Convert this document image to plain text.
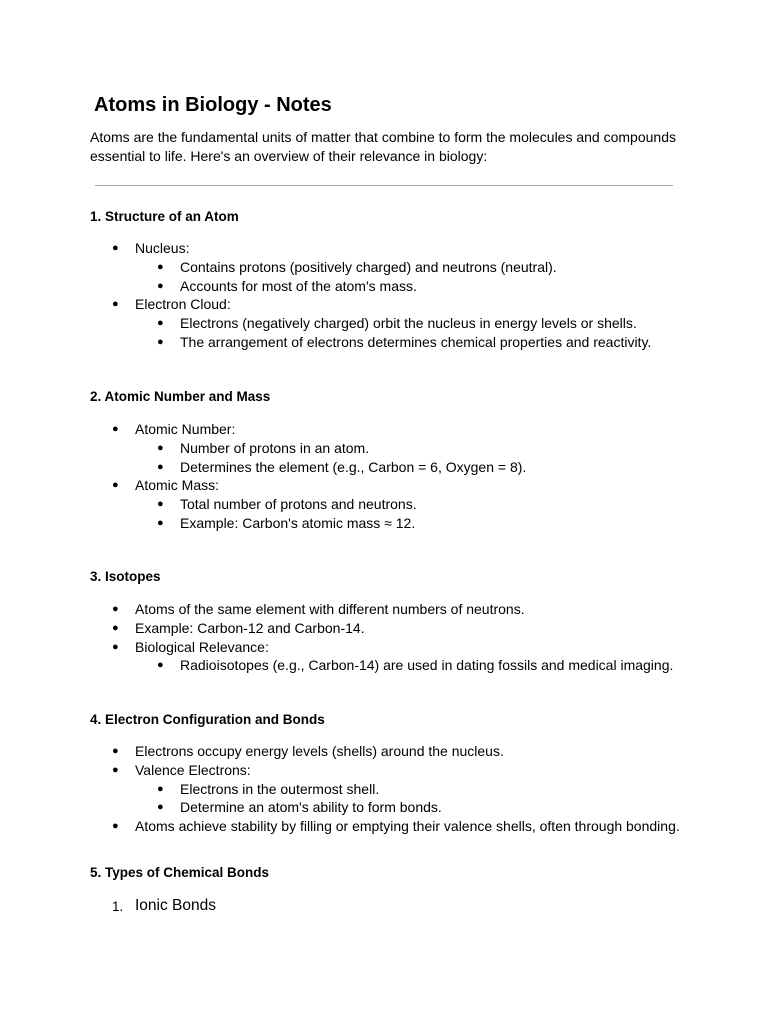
Atoms in Biology - Notes

Atoms are the fundamental units of matter that combine to form the molecules and compounds essential to life. Here's an overview of their relevance in biology:

1. Structure of an Atom
● Nucleus:
● Contains protons (positively charged) and neutrons (neutral).
● Accounts for most of the atom's mass.
● Electron Cloud:
● Electrons (negatively charged) orbit the nucleus in energy levels or shells.
● The arrangement of electrons determines chemical properties and reactivity.
2. Atomic Number and Mass
● Atomic Number:
● Number of protons in an atom.
● Determines the element (e.g., Carbon = 6, Oxygen = 8).
● Atomic Mass:
● Total number of protons and neutrons.
● Example: Carbon's atomic mass ≈ 12.
3. Isotopes
● Atoms of the same element with different numbers of neutrons.
● Example: Carbon-12 and Carbon-14.
● Biological Relevance:
● Radioisotopes (e.g., Carbon-14) are used in dating fossils and medical imaging.
4. Electron Configuration and Bonds
● Electrons occupy energy levels (shells) around the nucleus.
● Valence Electrons:
● Electrons in the outermost shell.
● Determine an atom's ability to form bonds.
● Atoms achieve stability by filling or emptying their valence shells, often through bonding.
5. Types of Chemical Bonds
1. Ionic Bonds
